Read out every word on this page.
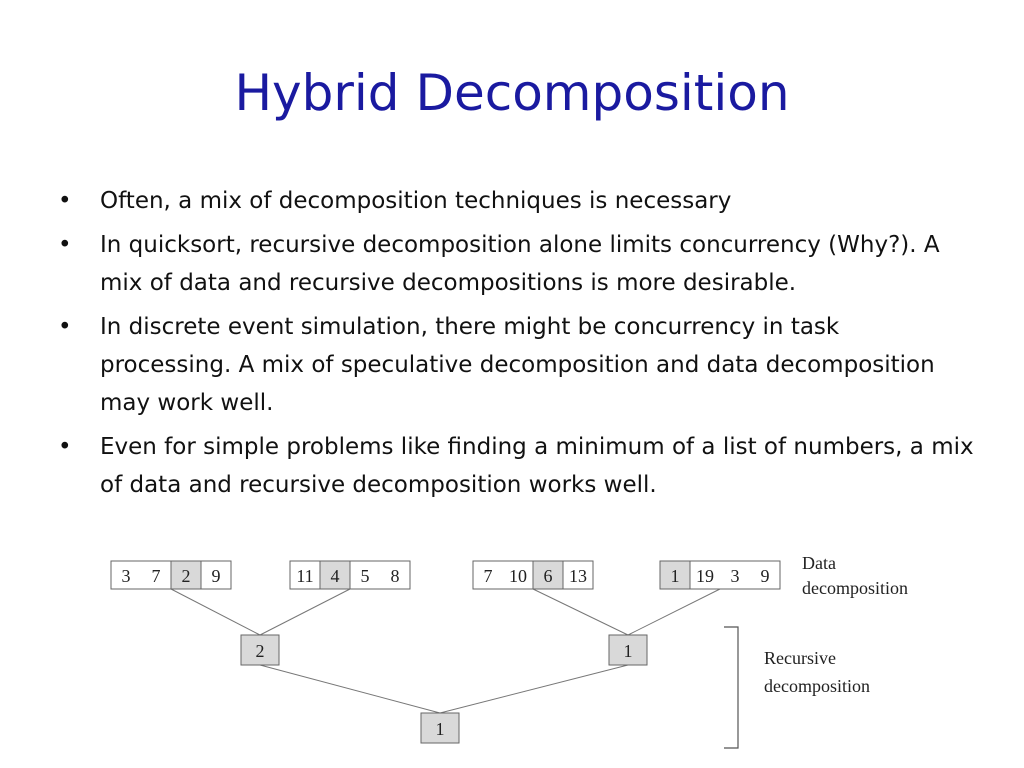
Hybrid Decomposition
• Often, a mix of decomposition techniques is necessary
• In quicksort, recursive decomposition alone limits concurrency (Why?). A mix of data and recursive decompositions is more desirable.
• In discrete event simulation, there might be concurrency in task processing. A mix of speculative decomposition and data decomposition may work well.
• Even for simple problems like finding a minimum of a list of numbers, a mix of data and recursive decomposition works well.
3 7 2 9	11 4 5 8	7 10 6 13	1 19 3 9
2	1
1
Data
decomposition
Recursive
decomposition
